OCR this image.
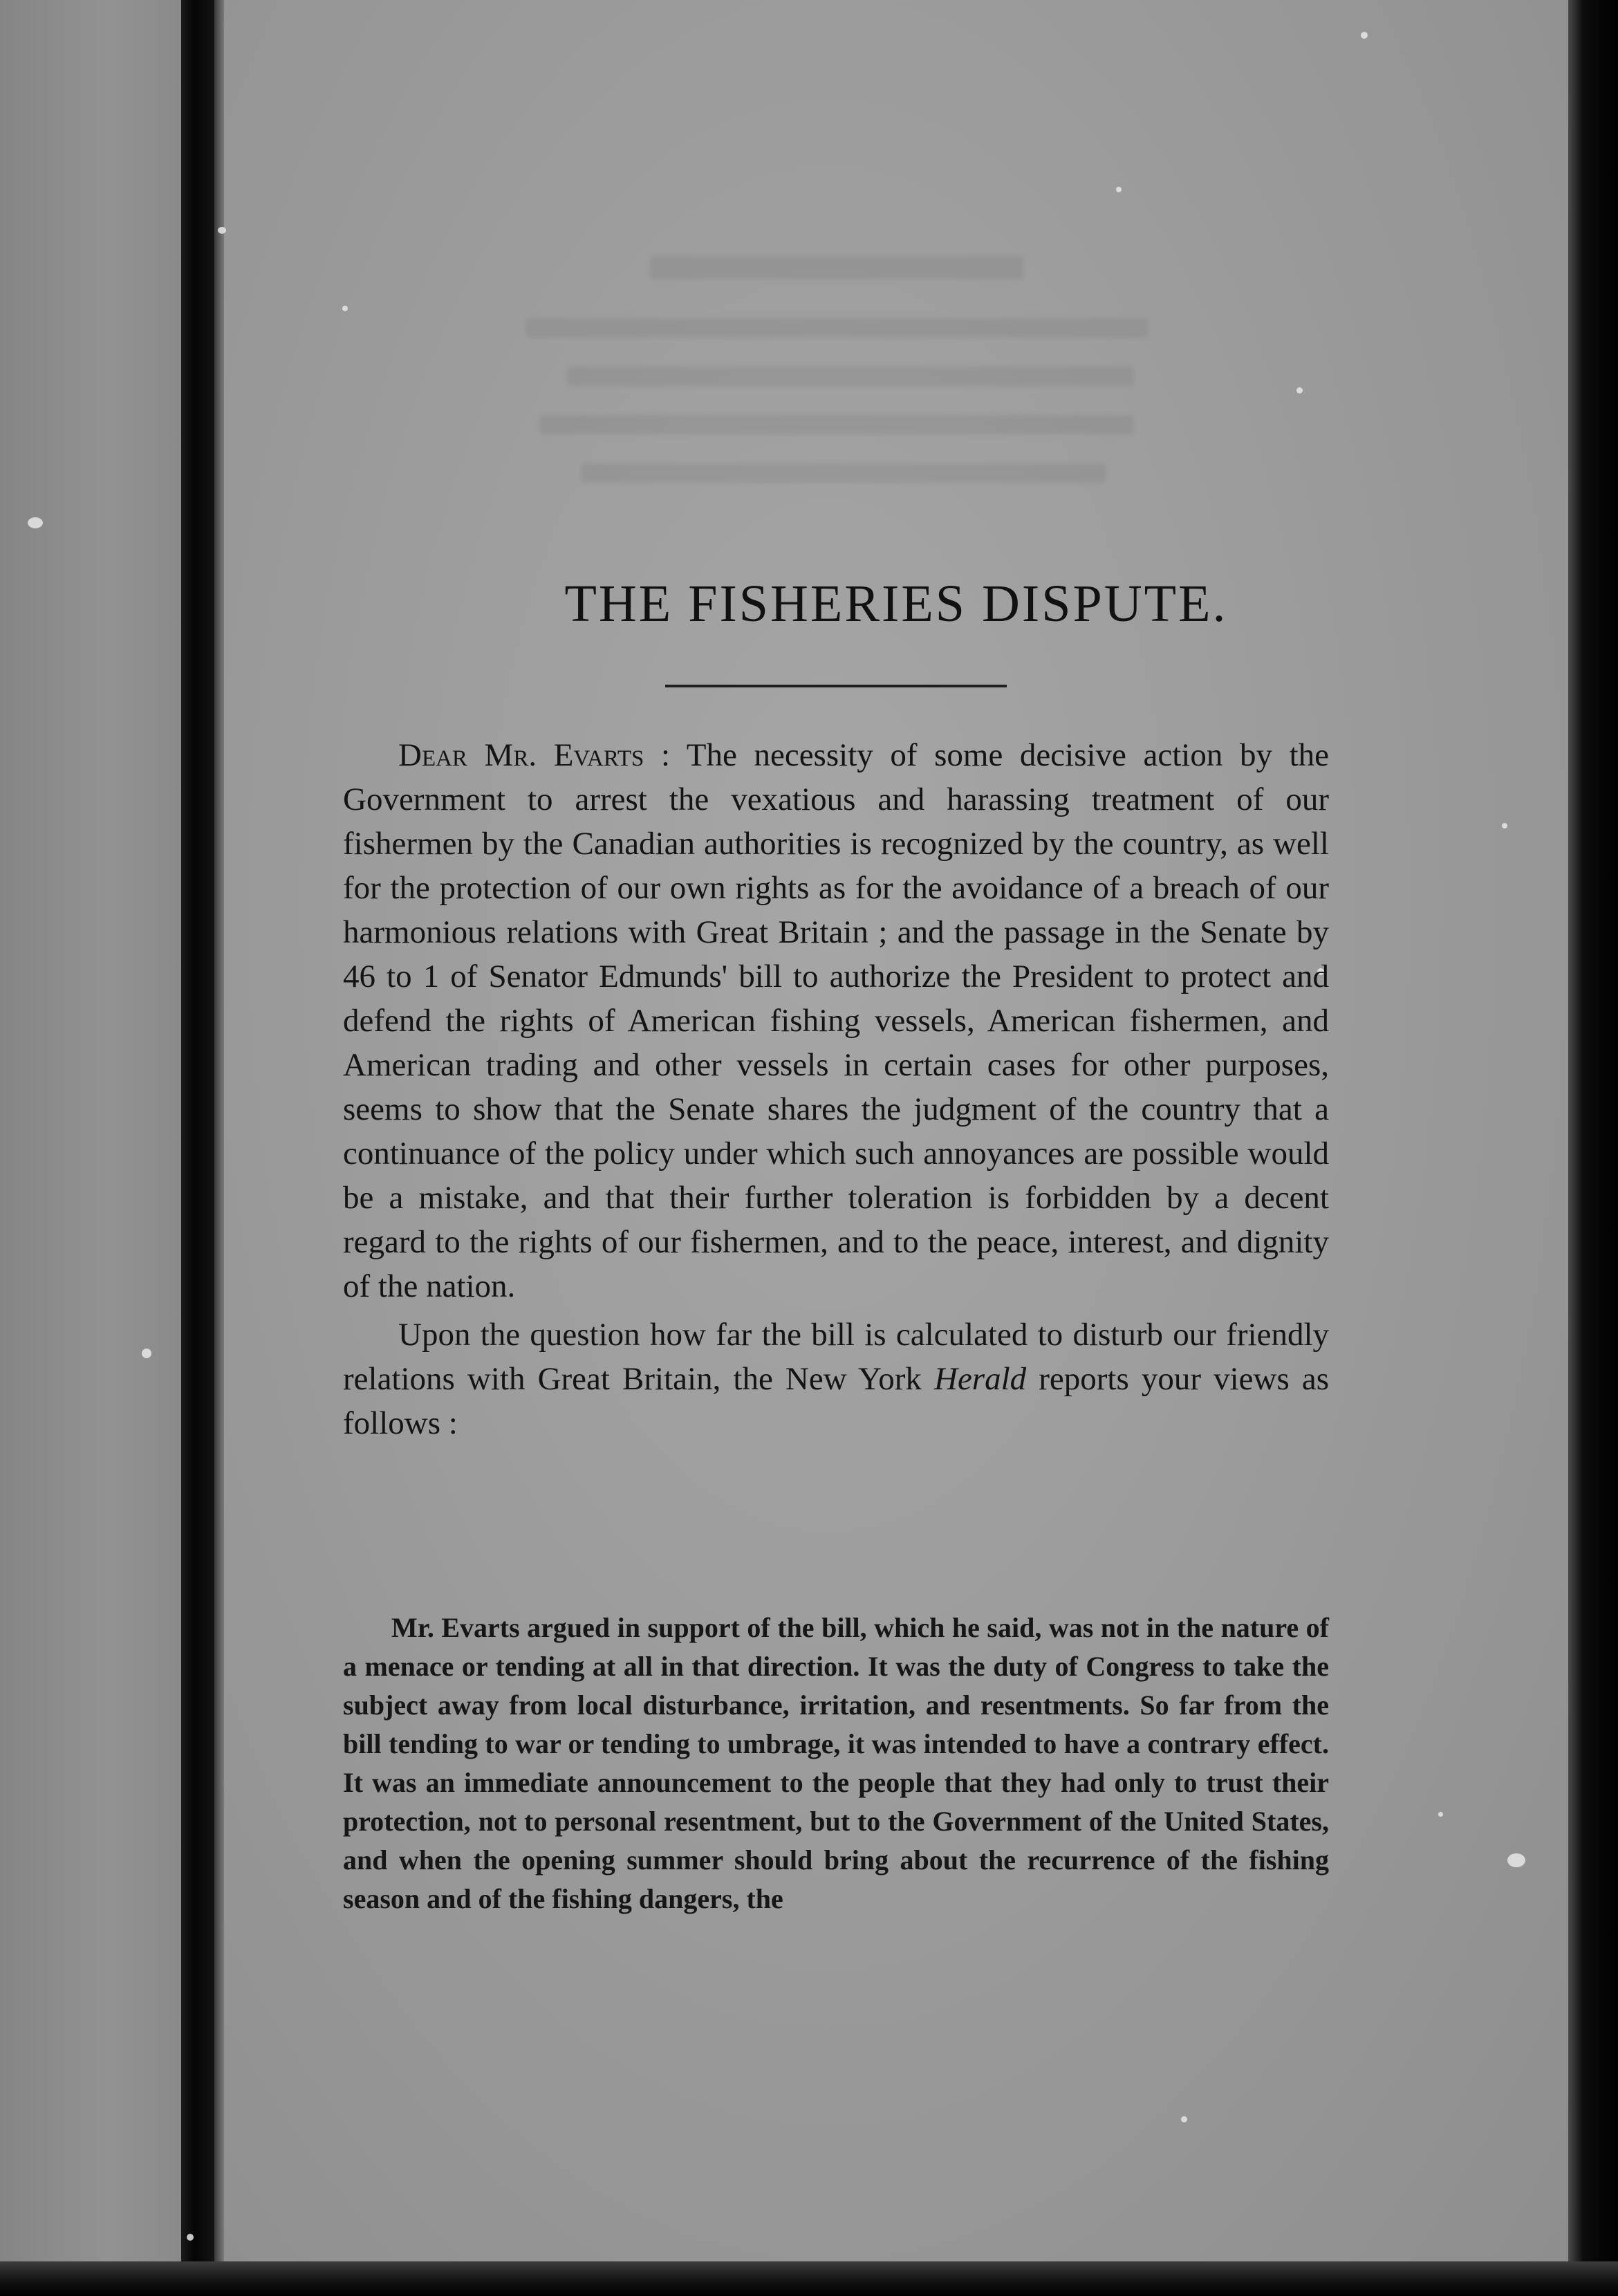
THE FISHERIES DISPUTE.

Dear Mr. Evarts : The necessity of some decisive action by the Government to arrest the vexatious and harassing treatment of our fishermen by the Canadian authorities is recognized by the country, as well for the protection of our own rights as for the avoidance of a breach of our harmonious relations with Great Britain ; and the passage in the Senate by 46 to 1 of Senator Edmunds' bill to authorize the President to protect and defend the rights of American fishing vessels, American fishermen, and American trading and other vessels in certain cases for other purposes, seems to show that the Senate shares the judgment of the country that a continuance of the policy under which such annoyances are possible would be a mistake, and that their further toleration is forbidden by a decent regard to the rights of our fishermen, and to the peace, interest, and dignity of the nation.

Upon the question how far the bill is calculated to disturb our friendly relations with Great Britain, the New York Herald reports your views as follows :

Mr. Evarts argued in support of the bill, which he said, was not in the nature of a menace or tending at all in that direction. It was the duty of Congress to take the subject away from local disturbance, irritation, and resentments. So far from the bill tending to war or tending to umbrage, it was intended to have a contrary effect. It was an immediate announcement to the people that they had only to trust their protection, not to personal resentment, but to the Government of the United States, and when the opening summer should bring about the recurrence of the fishing season and of the fishing dangers, the
